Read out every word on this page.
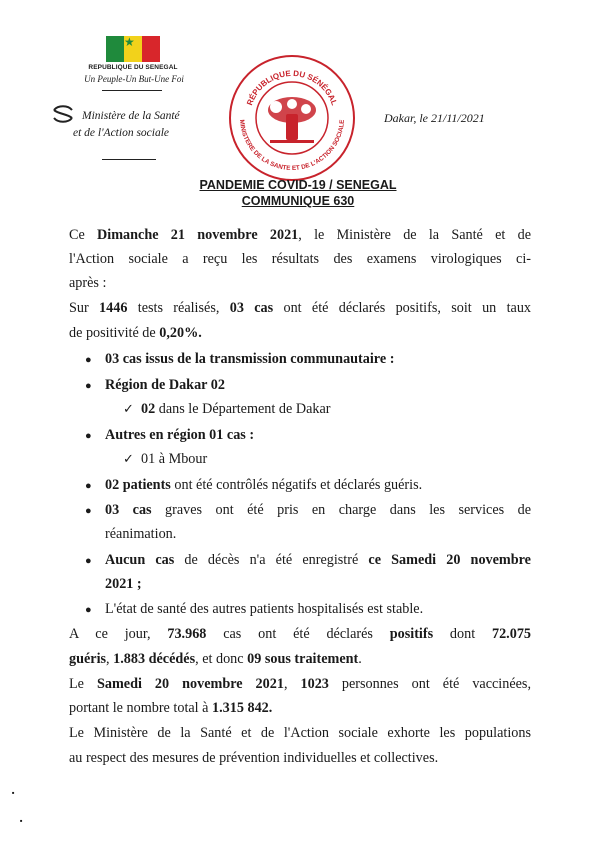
★
REPUBLIQUE DU SENEGAL
Un Peuple-Un But-Une Foi
Ministère de la Santé
et de l'Action sociale
RÉPUBLIQUE DU SÉNÉGAL
MINISTERE DE LA SANTE ET DE L'ACTION SOCIALE	Dakar, le 21/11/2021
PANDEMIE COVID-19 / SENEGAL
COMMUNIQUE 630
Ce Dimanche 21 novembre 2021, le Ministère de la Santé et de
l'Action sociale a reçu les résultats des examens virologiques ci-
après :
Sur 1446 tests réalisés, 03 cas ont été déclarés positifs, soit un taux
de positivité de 0,20%.
● 03 cas issus de la transmission communautaire :
● Région de Dakar 02
✓ 02 dans le Département de Dakar
● Autres en région 01 cas :
✓ 01 à Mbour
● 02 patients ont été contrôlés négatifs et déclarés guéris.
● 03 cas graves ont été pris en charge dans les services de
réanimation.
● Aucun cas de décès n'a été enregistré ce Samedi 20 novembre
2021 ;
● L'état de santé des autres patients hospitalisés est stable.
A ce jour, 73.968 cas ont été déclarés positifs dont 72.075
guéris, 1.883 décédés, et donc 09 sous traitement.
Le Samedi 20 novembre 2021, 1023 personnes ont été vaccinées,
portant le nombre total à 1.315 842.
Le Ministère de la Santé et de l'Action sociale exhorte les populations
au respect des mesures de prévention individuelles et collectives.
■
■
